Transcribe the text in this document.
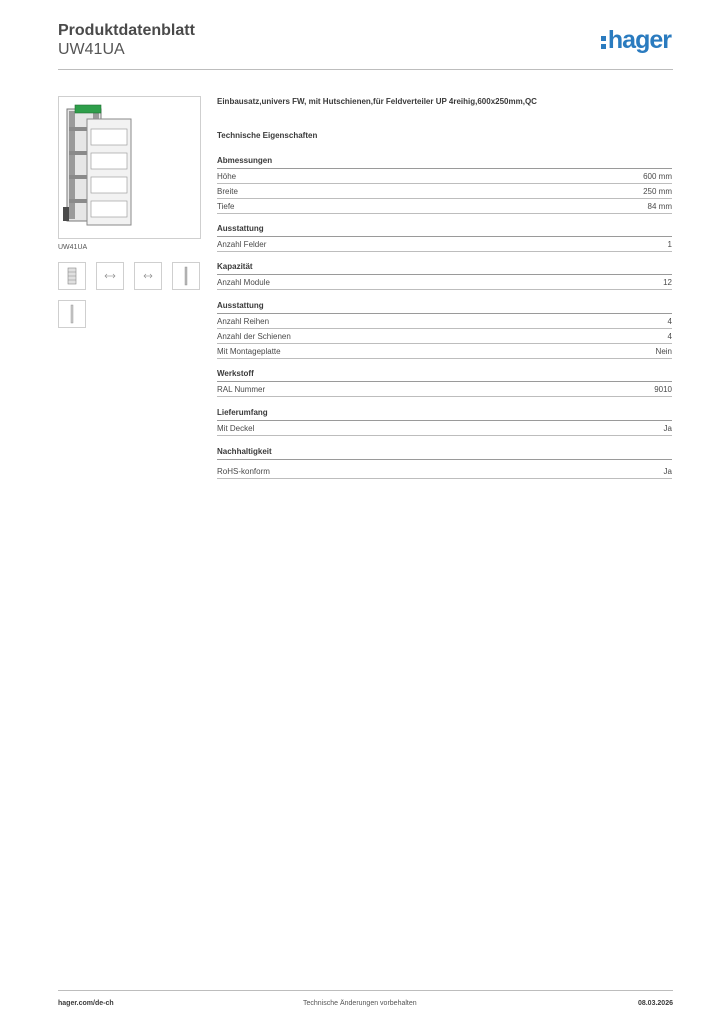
Produktdatenblatt
UW41UA	hager
UW41UA
Einbausatz,univers FW, mit Hutschienen,für Feldverteiler UP 4reihig,600x250mm,QC
Technische Eigenschaften
Abmessungen
Höhe	600 mm
Breite	250 mm
Tiefe	84 mm
Ausstattung
Anzahl Felder	1
Kapazität
Anzahl Module	12
Ausstattung
Anzahl Reihen	4
Anzahl der Schienen	4
Mit Montageplatte	Nein
Werkstoff
RAL Nummer	9010
Lieferumfang
Mit Deckel	Ja
Nachhaltigkeit
RoHS-konform	Ja
hager.com/de-ch	Technische Änderungen vorbehalten	08.03.2026
